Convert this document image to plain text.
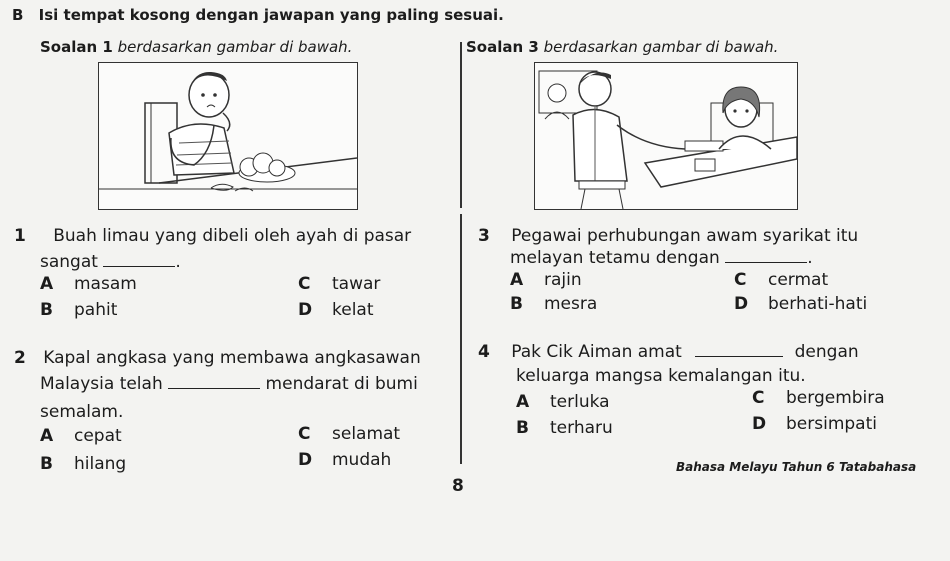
B Isi tempat kosong dengan jawapan yang paling sesuai.
Soalan 1 berdasarkan gambar di bawah.	Soalan 3 berdasarkan gambar di bawah.
1 Buah limau yang dibeli oleh ayah di pasar
sangat	.
A masam
B pahit
C tawar
D kelat
3 Pegawai perhubungan awam syarikat itu
melayan tetamu dengan	.
A rajin
B mesra
C cermat
D berhati-hati
2 Kapal angkasa yang membawa angkasawan
Malaysia telah	mendarat di bumi
semalam.
A cepat
B hilang
C selamat
D mudah
4 Pak Cik Aiman amat	dengan
keluarga mangsa kemalangan itu.
A terluka
B terharu
C bergembira
D bersimpati
8
Bahasa Melayu Tahun 6 Tatabahasa
